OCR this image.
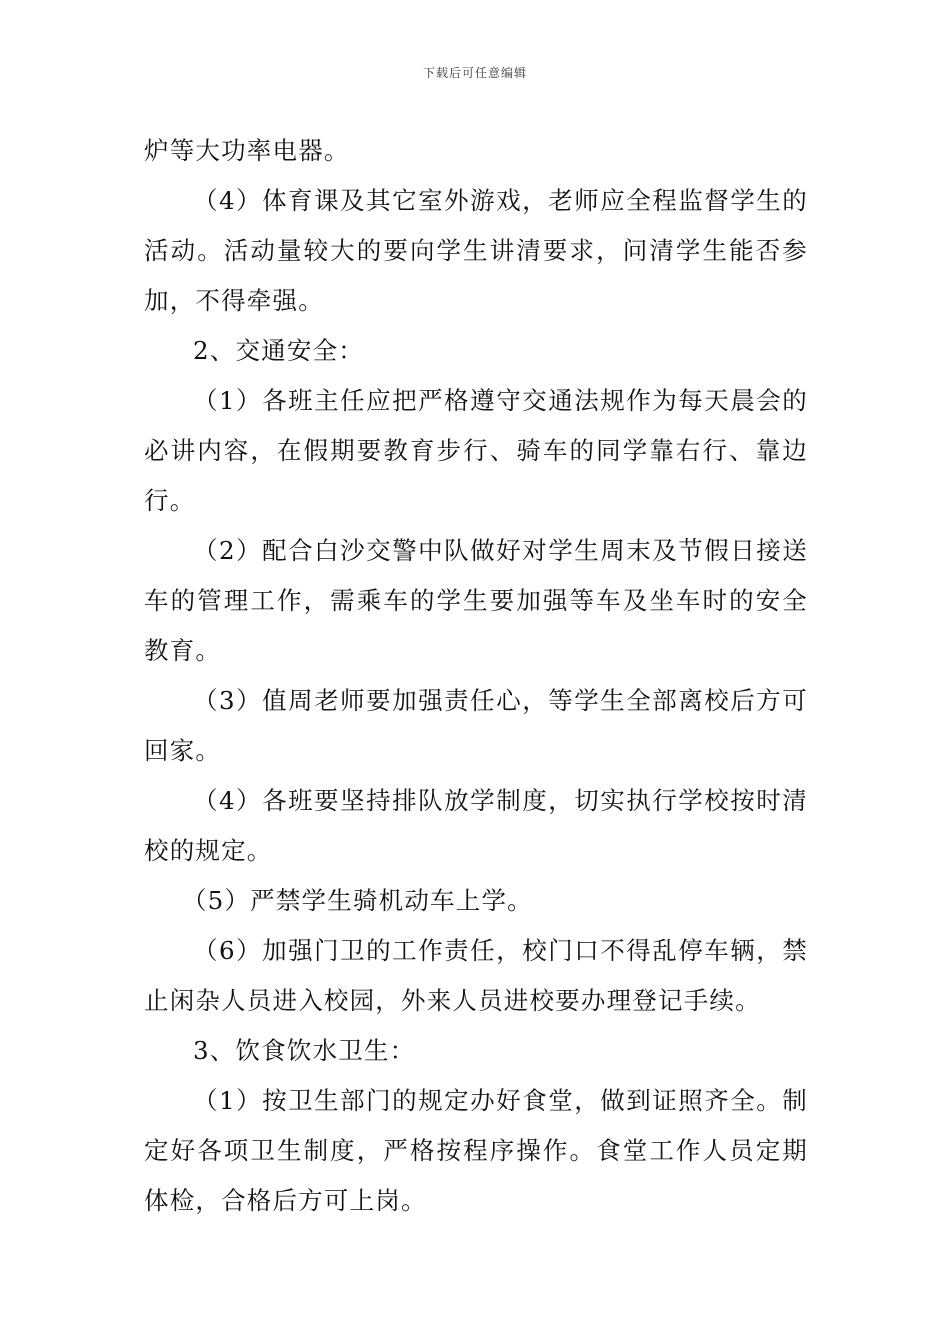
下载后可任意编辑

炉等大功率电器。

（4）体育课及其它室外游戏，老师应全程监督学生的活动。活动量较大的要向学生讲清要求，问清学生能否参加，不得牵强。

2、交通安全：

（1）各班主任应把严格遵守交通法规作为每天晨会的必讲内容，在假期要教育步行、骑车的同学靠右行、靠边行。

（2）配合白沙交警中队做好对学生周末及节假日接送车的管理工作，需乘车的学生要加强等车及坐车时的安全教育。

（3）值周老师要加强责任心，等学生全部离校后方可回家。

（4）各班要坚持排队放学制度，切实执行学校按时清校的规定。

（5）严禁学生骑机动车上学。

（6）加强门卫的工作责任，校门口不得乱停车辆，禁止闲杂人员进入校园，外来人员进校要办理登记手续。

3、饮食饮水卫生：

（1）按卫生部门的规定办好食堂，做到证照齐全。制定好各项卫生制度，严格按程序操作。食堂工作人员定期体检，合格后方可上岗。
